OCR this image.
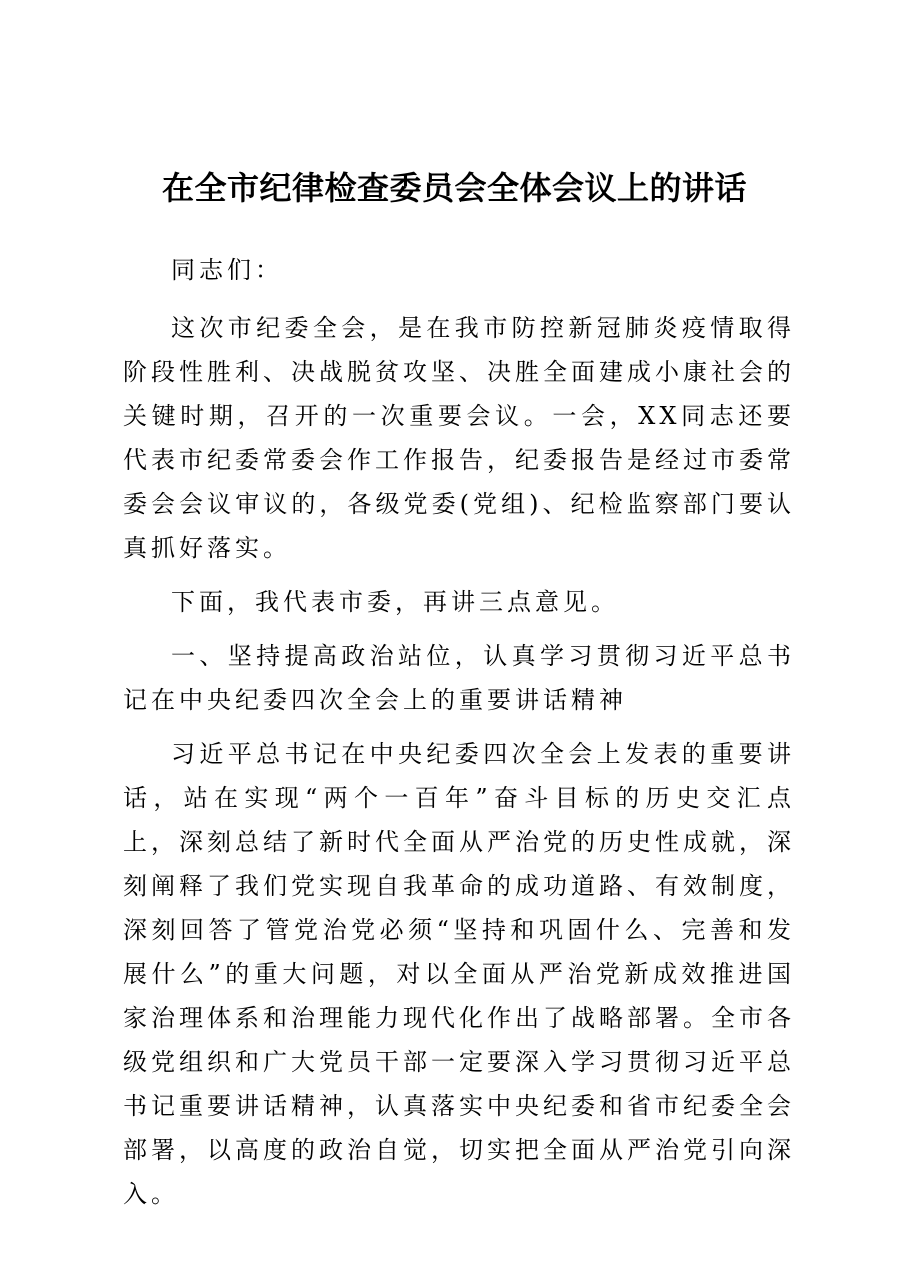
在全市纪律检查委员会全体会议上的讲话

同志们：

这次市纪委全会，是在我市防控新冠肺炎疫情取得阶段性胜利、决战脱贫攻坚、决胜全面建成小康社会的关键时期，召开的一次重要会议。一会，XX同志还要代表市纪委常委会作工作报告，纪委报告是经过市委常委会会议审议的，各级党委(党组)、纪检监察部门要认真抓好落实。

下面，我代表市委，再讲三点意见。

一、坚持提高政治站位，认真学习贯彻习近平总书记在中央纪委四次全会上的重要讲话精神

习近平总书记在中央纪委四次全会上发表的重要讲话，站在实现“两个一百年”奋斗目标的历史交汇点上，深刻总结了新时代全面从严治党的历史性成就，深刻阐释了我们党实现自我革命的成功道路、有效制度，深刻回答了管党治党必须“坚持和巩固什么、完善和发展什么”的重大问题，对以全面从严治党新成效推进国家治理体系和治理能力现代化作出了战略部署。全市各级党组织和广大党员干部一定要深入学习贯彻习近平总书记重要讲话精神，认真落实中央纪委和省市纪委全会部署，以高度的政治自觉，切实把全面从严治党引向深入。
